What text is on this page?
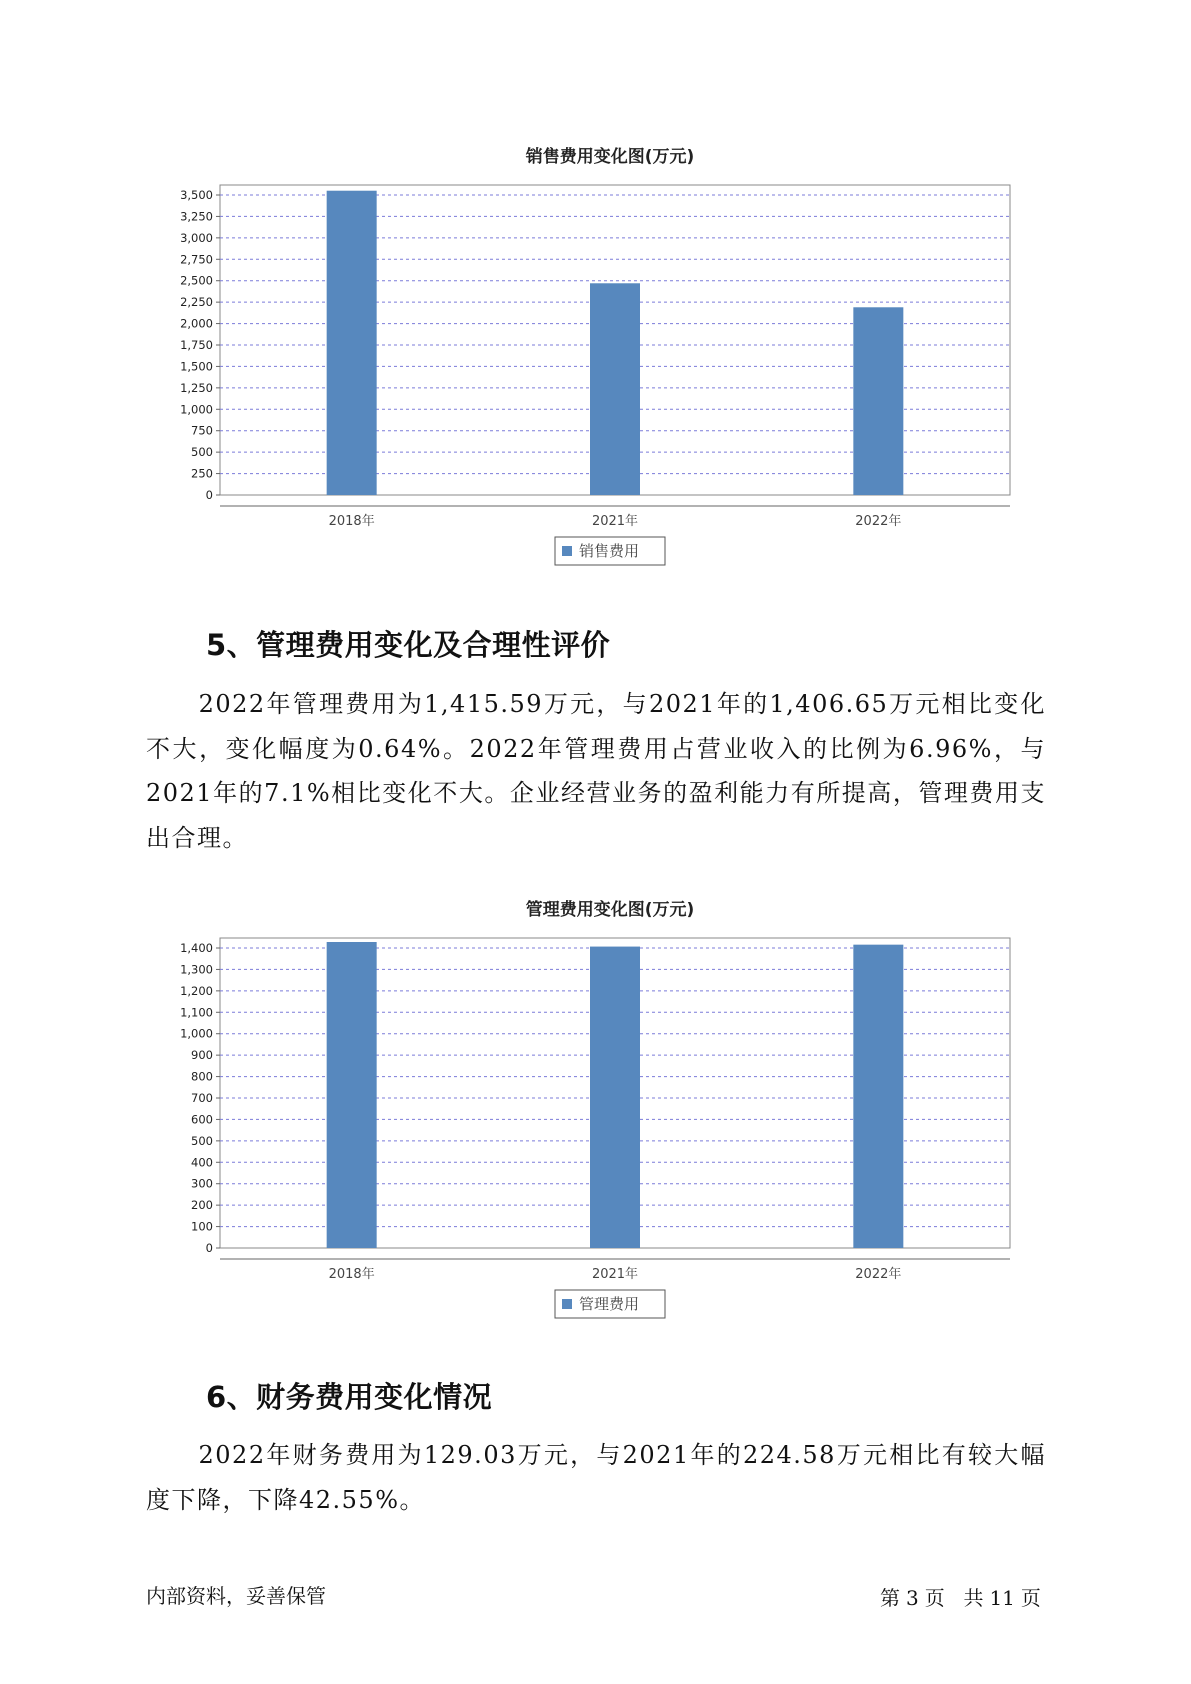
销售费用变化图(万元)
0
250
500
750
1,000
1,250
1,500
1,750
2,000
2,250
2,500
2,750
3,000
3,250
3,500
2018年	2021年	2022年
销售费用
5、管理费用变化及合理性评价

　　2022年管理费用为1,415.59万元，与2021年的1,406.65万元相比变化不大，变化幅度为0.64%。2022年管理费用占营业收入的比例为6.96%，与2021年的7.1%相比变化不大。企业经营业务的盈利能力有所提高，管理费用支出合理。

管理费用变化图(万元)
0
100
200
300
400
500
600
700
800
900
1,000
1,100
1,200
1,300
1,400
2018年	2021年	2022年
管理费用
6、财务费用变化情况

　　2022年财务费用为129.03万元，与2021年的224.58万元相比有较大幅度下降，下降42.55%。

内部资料，妥善保管	第 3 页 共 11 页
